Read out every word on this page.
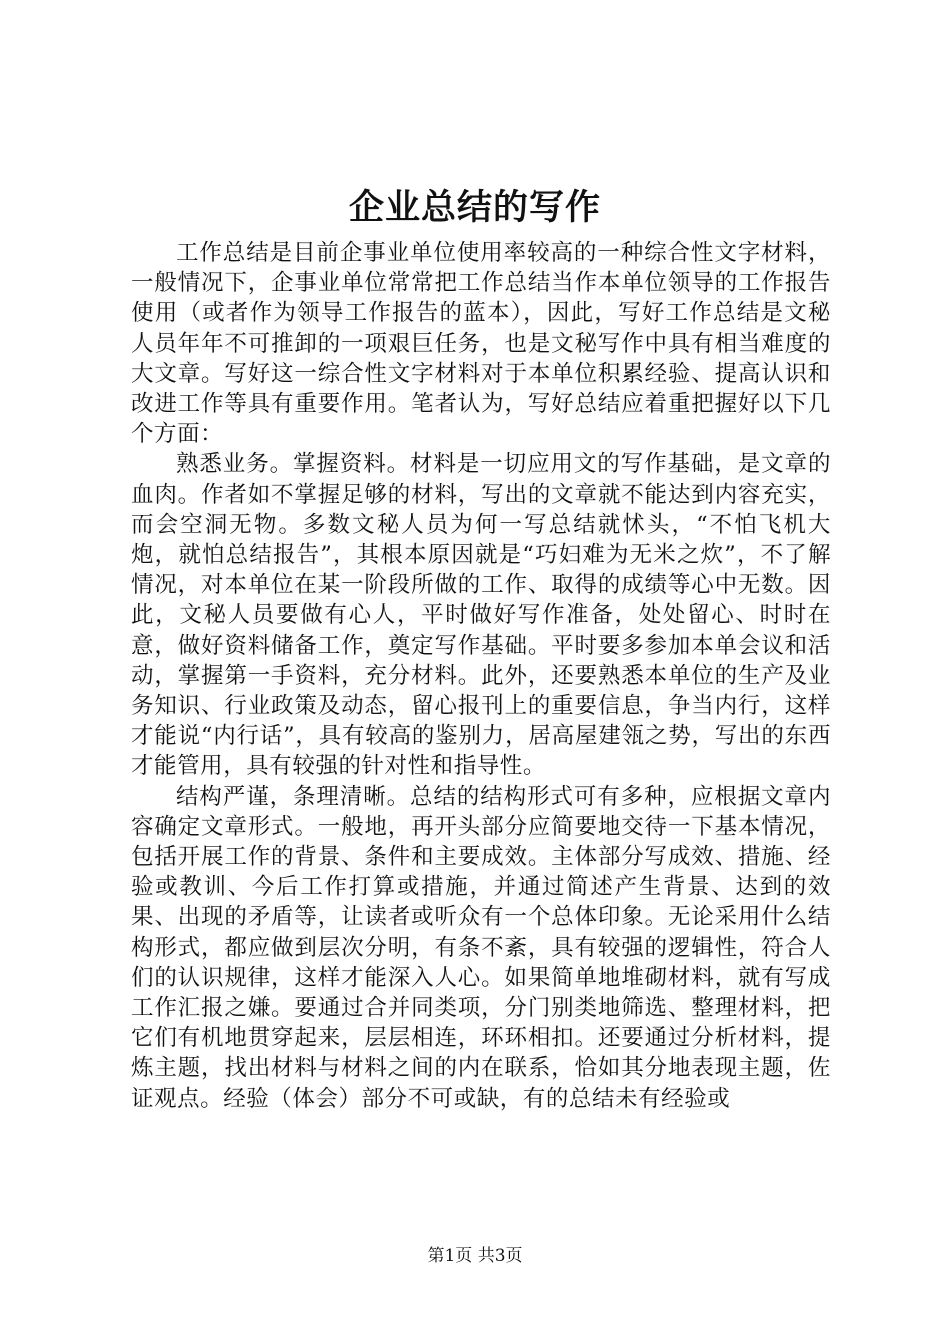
企业总结的写作

工作总结是目前企事业单位使用率较高的一种综合性文字材料，一般情况下，企事业单位常常把工作总结当作本单位领导的工作报告使用（或者作为领导工作报告的蓝本），因此，写好工作总结是文秘人员年年不可推卸的一项艰巨任务，也是文秘写作中具有相当难度的大文章。写好这一综合性文字材料对于本单位积累经验、提高认识和改进工作等具有重要作用。笔者认为，写好总结应着重把握好以下几个方面：

熟悉业务。掌握资料。材料是一切应用文的写作基础，是文章的血肉。作者如不掌握足够的材料，写出的文章就不能达到内容充实，而会空洞无物。多数文秘人员为何一写总结就怵头，“不怕飞机大炮，就怕总结报告”，其根本原因就是“巧妇难为无米之炊”，不了解情况，对本单位在某一阶段所做的工作、取得的成绩等心中无数。因此，文秘人员要做有心人，平时做好写作准备，处处留心、时时在意，做好资料储备工作，奠定写作基础。平时要多参加本单会议和活动，掌握第一手资料，充分材料。此外，还要熟悉本单位的生产及业务知识、行业政策及动态，留心报刊上的重要信息，争当内行，这样才能说“内行话”，具有较高的鉴别力，居高屋建瓴之势，写出的东西才能管用，具有较强的针对性和指导性。

结构严谨，条理清晰。总结的结构形式可有多种，应根据文章内容确定文章形式。一般地，再开头部分应简要地交待一下基本情况，包括开展工作的背景、条件和主要成效。主体部分写成效、措施、经验或教训、今后工作打算或措施，并通过简述产生背景、达到的效果、出现的矛盾等，让读者或听众有一个总体印象。无论采用什么结构形式，都应做到层次分明，有条不紊，具有较强的逻辑性，符合人们的认识规律，这样才能深入人心。如果简单地堆砌材料，就有写成工作汇报之嫌。要通过合并同类项，分门别类地筛选、整理材料，把它们有机地贯穿起来，层层相连，环环相扣。还要通过分析材料，提炼主题，找出材料与材料之间的内在联系，恰如其分地表现主题，佐证观点。经验（体会）部分不可或缺，有的总结未有经验或

第1页 共3页
